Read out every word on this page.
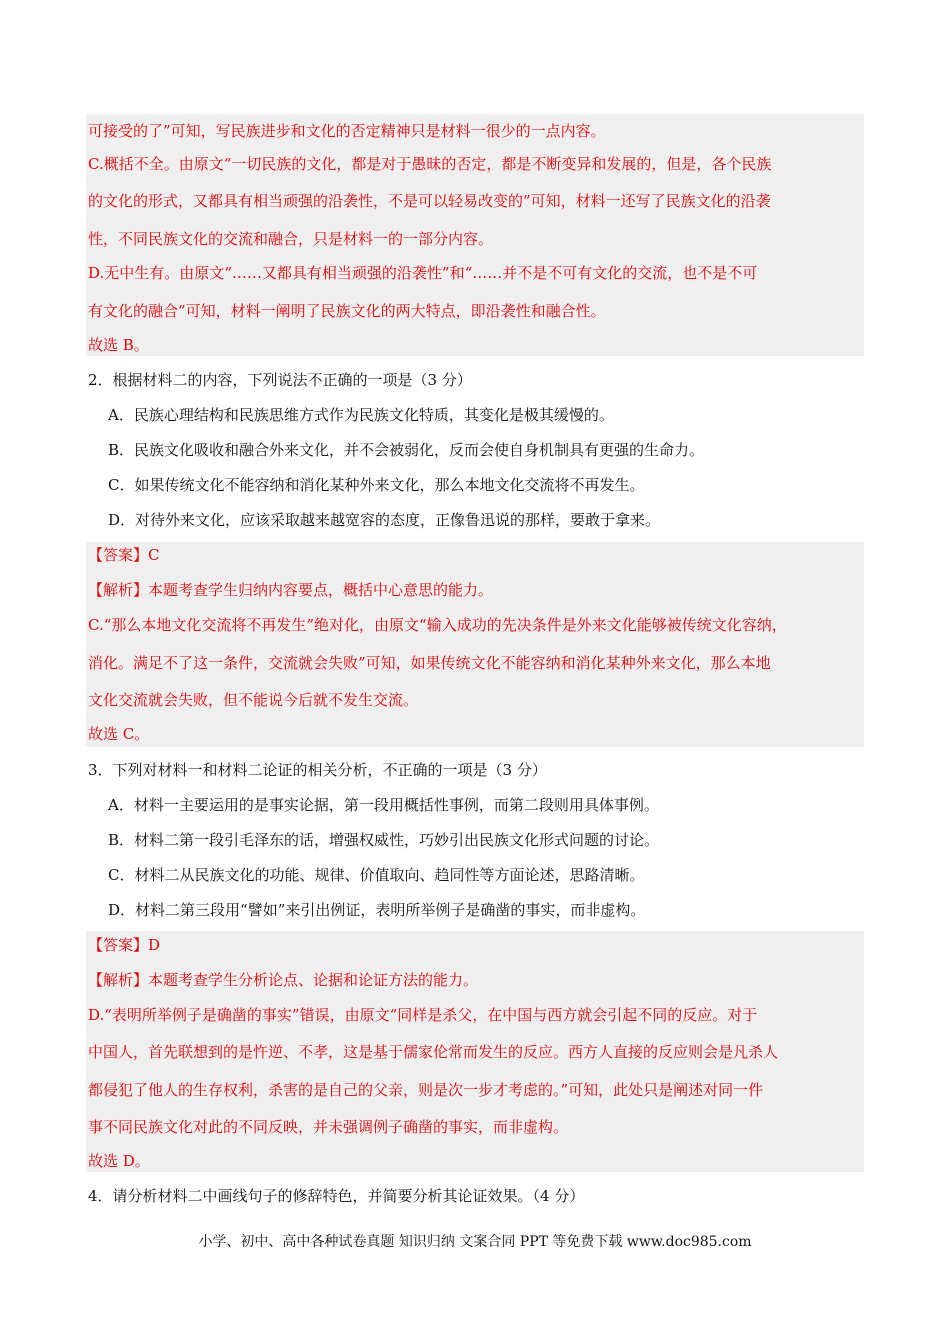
可接受的了”可知，写民族进步和文化的否定精神只是材料一很少的一点内容。
C.概括不全。由原文“一切民族的文化，都是对于愚昧的否定，都是不断变异和发展的，但是，各个民族
的文化的形式，又都具有相当顽强的沿袭性，不是可以轻易改变的”可知，材料一还写了民族文化的沿袭
性，不同民族文化的交流和融合，只是材料一的一部分内容。
D.无中生有。由原文“……又都具有相当顽强的沿袭性”和“……并不是不可有文化的交流，也不是不可
有文化的融合”可知，材料一阐明了民族文化的两大特点，即沿袭性和融合性。
故选 B。
2．根据材料二的内容，下列说法不正确的一项是（3 分）
A．民族心理结构和民族思维方式作为民族文化特质，其变化是极其缓慢的。
B．民族文化吸收和融合外来文化，并不会被弱化，反而会使自身机制具有更强的生命力。
C．如果传统文化不能容纳和消化某种外来文化，那么本地文化交流将不再发生。
D．对待外来文化，应该采取越来越宽容的态度，正像鲁迅说的那样，要敢于拿来。
【答案】C
【解析】本题考查学生归纳内容要点，概括中心意思的能力。
C.“那么本地文化交流将不再发生”绝对化，由原文“输入成功的先决条件是外来文化能够被传统文化容纳，
消化。满足不了这一条件，交流就会失败”可知，如果传统文化不能容纳和消化某种外来文化，那么本地
文化交流就会失败，但不能说今后就不发生交流。
故选 C。
3．下列对材料一和材料二论证的相关分析，不正确的一项是（3 分）
A．材料一主要运用的是事实论据，第一段用概括性事例，而第二段则用具体事例。
B．材料二第一段引毛泽东的话，增强权威性，巧妙引出民族文化形式问题的讨论。
C．材料二从民族文化的功能、规律、价值取向、趋同性等方面论述，思路清晰。
D．材料二第三段用“譬如”来引出例证，表明所举例子是确凿的事实，而非虚构。
【答案】D
【解析】本题考查学生分析论点、论据和论证方法的能力。
D.“表明所举例子是确凿的事实”错误，由原文“同样是杀父，在中国与西方就会引起不同的反应。对于
中国人，首先联想到的是忤逆、不孝，这是基于儒家伦常而发生的反应。西方人直接的反应则会是凡杀人
都侵犯了他人的生存权利，杀害的是自己的父亲，则是次一步才考虑的。”可知，此处只是阐述对同一件
事不同民族文化对此的不同反映，并未强调例子确凿的事实，而非虚构。
故选 D。
4．请分析材料二中画线句子的修辞特色，并简要分析其论证效果。（4 分）
小学、初中、高中各种试卷真题 知识归纳 文案合同 PPT 等免费下载 www.doc985.com
